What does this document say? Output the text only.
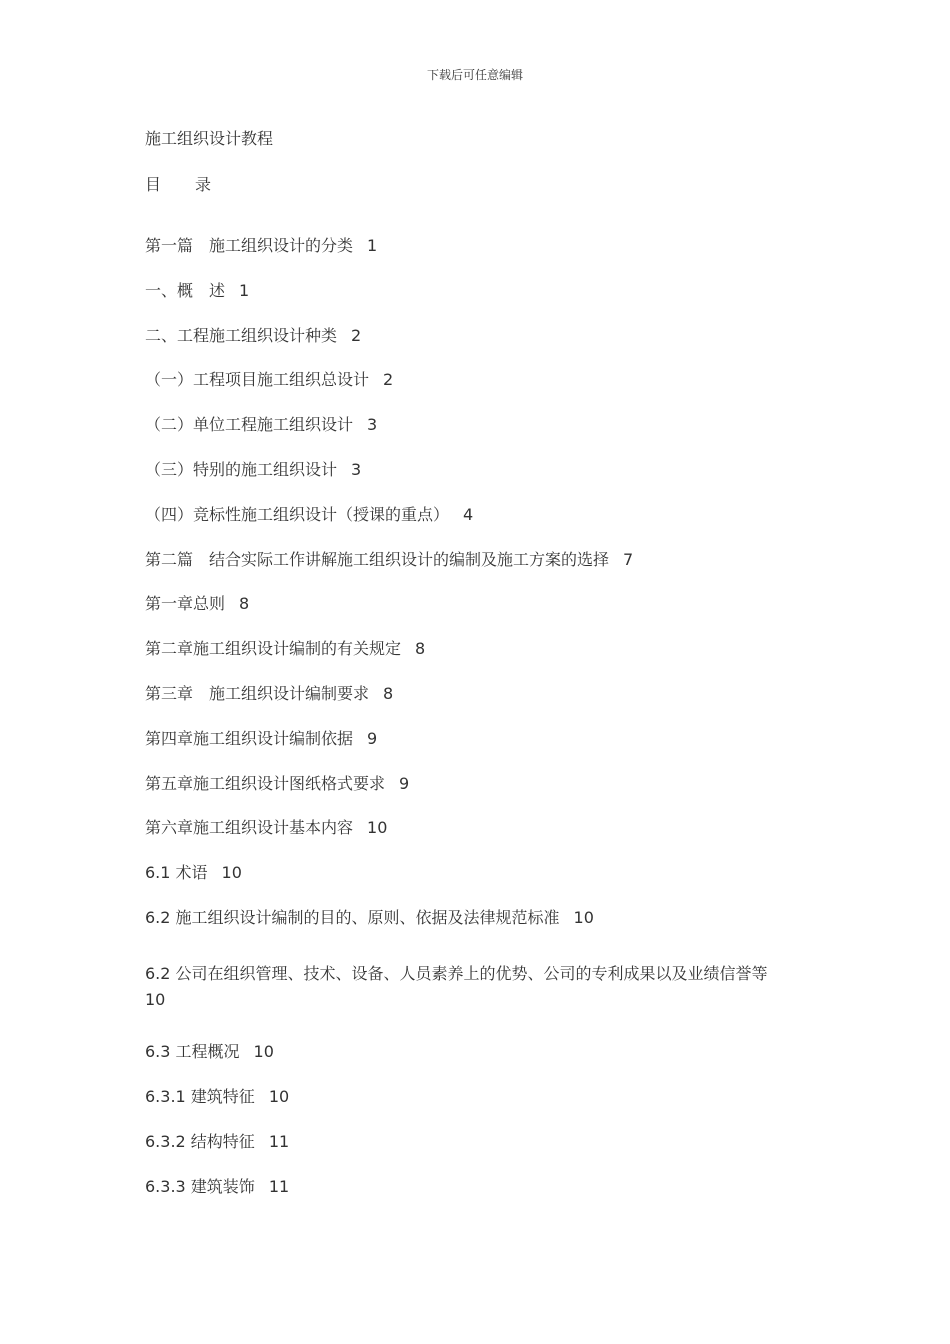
下载后可任意编辑
施工组织设计教程
目 录
第一篇　施工组织设计的分类 1
一、概　述 1
二、工程施工组织设计种类 2
（一）工程项目施工组织总设计 2
（二）单位工程施工组织设计 3
（三）特别的施工组织设计 3
（四）竞标性施工组织设计（授课的重点） 4
第二篇　结合实际工作讲解施工组织设计的编制及施工方案的选择 7
第一章总则 8
第二章施工组织设计编制的有关规定 8
第三章　施工组织设计编制要求 8
第四章施工组织设计编制依据 9
第五章施工组织设计图纸格式要求 9
第六章施工组织设计基本内容 10
6.1 术语 10
6.2 施工组织设计编制的目的、原则、依据及法律规范标准 10
6.2 公司在组织管理、技术、设备、人员素养上的优势、公司的专利成果以及业绩信誉等
10
6.3 工程概况 10
6.3.1 建筑特征 10
6.3.2 结构特征 11
6.3.3 建筑装饰 11
